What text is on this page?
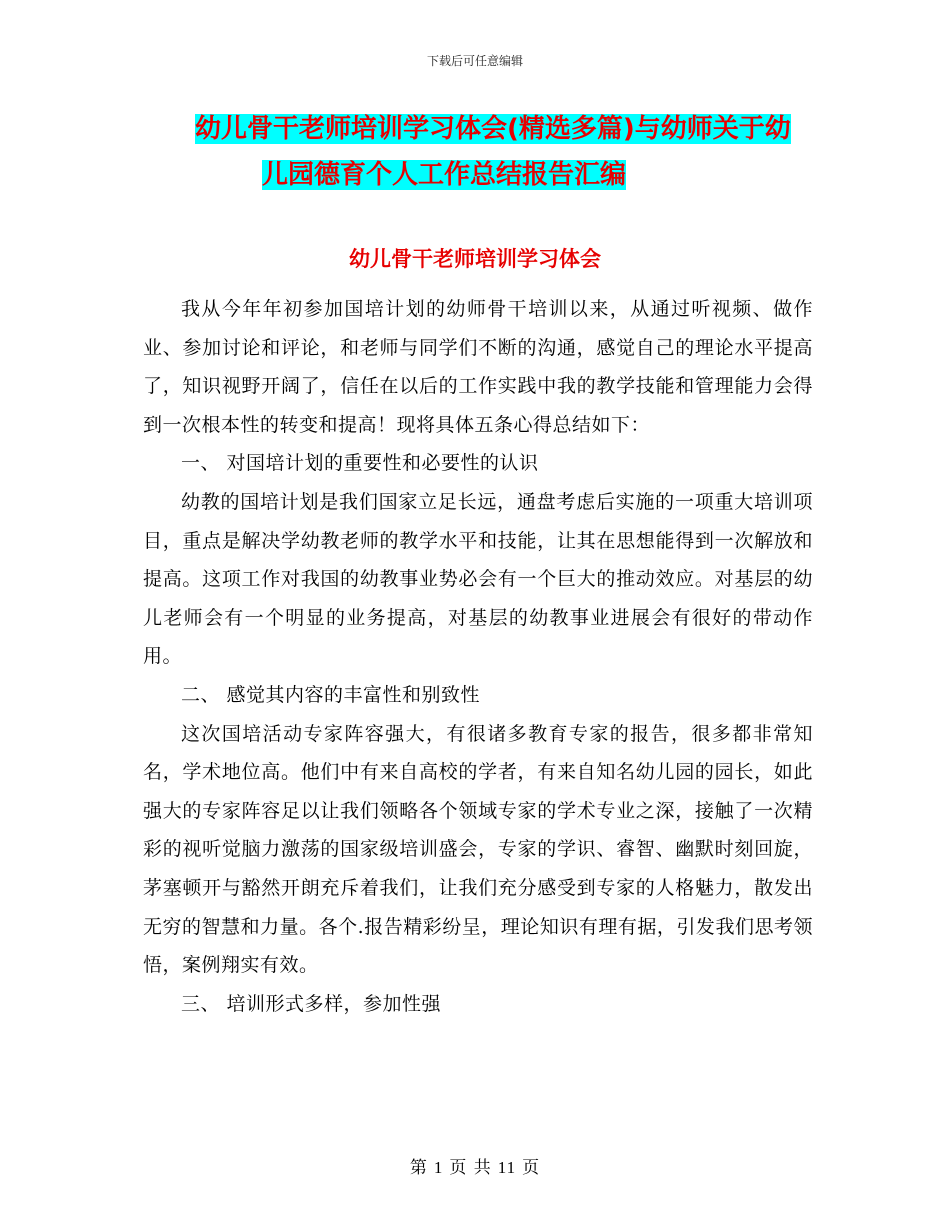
下载后可任意编辑
幼儿骨干老师培训学习体会(精选多篇)与幼师关于幼
儿园德育个人工作总结报告汇编
幼儿骨干老师培训学习体会

我从今年年初参加国培计划的幼师骨干培训以来，从通过听视频、做作业、参加讨论和评论，和老师与同学们不断的沟通，感觉自己的理论水平提高了，知识视野开阔了，信任在以后的工作实践中我的教学技能和管理能力会得到一次根本性的转变和提高！现将具体五条心得总结如下：

一、 对国培计划的重要性和必要性的认识

幼教的国培计划是我们国家立足长远，通盘考虑后实施的一项重大培训项目，重点是解决学幼教老师的教学水平和技能，让其在思想能得到一次解放和提高。这项工作对我国的幼教事业势必会有一个巨大的推动效应。对基层的幼儿老师会有一个明显的业务提高，对基层的幼教事业进展会有很好的带动作用。

二、 感觉其内容的丰富性和别致性

这次国培活动专家阵容强大，有很诸多教育专家的报告，很多都非常知名，学术地位高。他们中有来自高校的学者，有来自知名幼儿园的园长，如此强大的专家阵容足以让我们领略各个领域专家的学术专业之深，接触了一次精彩的视听觉脑力激荡的国家级培训盛会，专家的学识、睿智、幽默时刻回旋，茅塞顿开与豁然开朗充斥着我们，让我们充分感受到专家的人格魅力，散发出无穷的智慧和力量。各个.报告精彩纷呈，理论知识有理有据，引发我们思考领悟，案例翔实有效。

三、 培训形式多样，参加性强

第 1 页 共 11 页
